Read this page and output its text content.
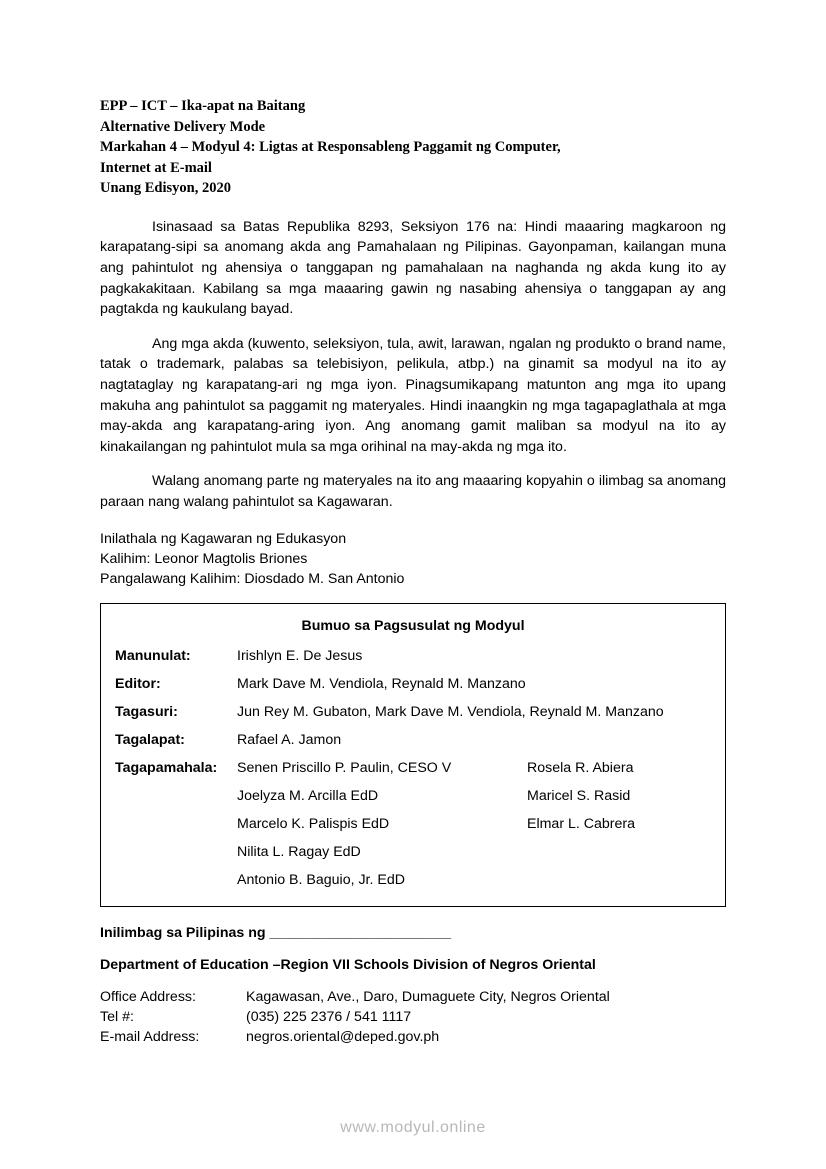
EPP – ICT – Ika-apat na Baitang

Alternative Delivery Mode

Markahan 4 – Modyul 4: Ligtas at Responsableng Paggamit ng Computer,

Internet at E-mail

Unang Edisyon, 2020

Isinasaad sa Batas Republika 8293, Seksiyon 176 na: Hindi maaaring magkaroon ng karapatang-sipi sa anomang akda ang Pamahalaan ng Pilipinas. Gayonpaman, kailangan muna ang pahintulot ng ahensiya o tanggapan ng pamahalaan na naghanda ng akda kung ito ay pagkakakitaan. Kabilang sa mga maaaring gawin ng nasabing ahensiya o tanggapan ay ang pagtakda ng kaukulang bayad.

Ang mga akda (kuwento, seleksiyon, tula, awit, larawan, ngalan ng produkto o brand name, tatak o trademark, palabas sa telebisiyon, pelikula, atbp.) na ginamit sa modyul na ito ay nagtataglay ng karapatang-ari ng mga iyon. Pinagsumikapang matunton ang mga ito upang makuha ang pahintulot sa paggamit ng materyales. Hindi inaangkin ng mga tagapaglathala at mga may-akda ang karapatang-aring iyon. Ang anomang gamit maliban sa modyul na ito ay kinakailangan ng pahintulot mula sa mga orihinal na may-akda ng mga ito.

Walang anomang parte ng materyales na ito ang maaaring kopyahin o ilimbag sa anomang paraan nang walang pahintulot sa Kagawaran.

Inilathala ng Kagawaran ng Edukasyon

Kalihim: Leonor Magtolis Briones

Pangalawang Kalihim: Diosdado M. San Antonio

Bumuo sa Pagsusulat ng Modyul
Manunulat:	Irishlyn E. De Jesus
Editor:	Mark Dave M. Vendiola, Reynald M. Manzano
Tagasuri:	Jun Rey M. Gubaton, Mark Dave M. Vendiola, Reynald M. Manzano
Tagalapat:	Rafael A. Jamon
Tagapamahala:	Senen Priscillo P. Paulin, CESO V	Rosela R. Abiera
Joelyza M. Arcilla EdD	Maricel S. Rasid
Marcelo K. Palispis EdD	Elmar L. Cabrera
Nilita L. Ragay EdD
Antonio B. Baguio, Jr. EdD
Inilimbag sa Pilipinas ng _______________________
Department of Education –Region VII Schools Division of Negros Oriental
Office Address:	Kagawasan, Ave., Daro, Dumaguete City, Negros Oriental
Tel #:	(035) 225 2376 / 541 1117
E-mail Address:	negros.oriental@deped.gov.ph
www.modyul.online
